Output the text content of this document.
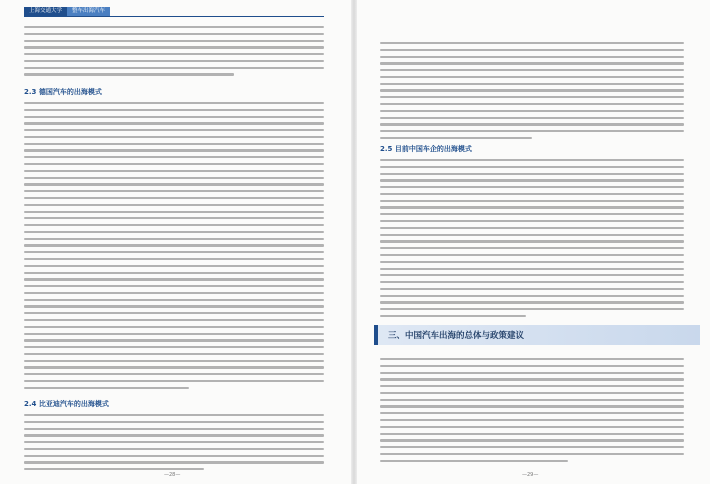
上海交通大学	整车出海汽车
2.3 德国汽车的出海模式
2.4 比亚迪汽车的出海模式
—28—
2.5 目前中国车企的出海模式
三、中国汽车出海的总体与政策建议
—29—
